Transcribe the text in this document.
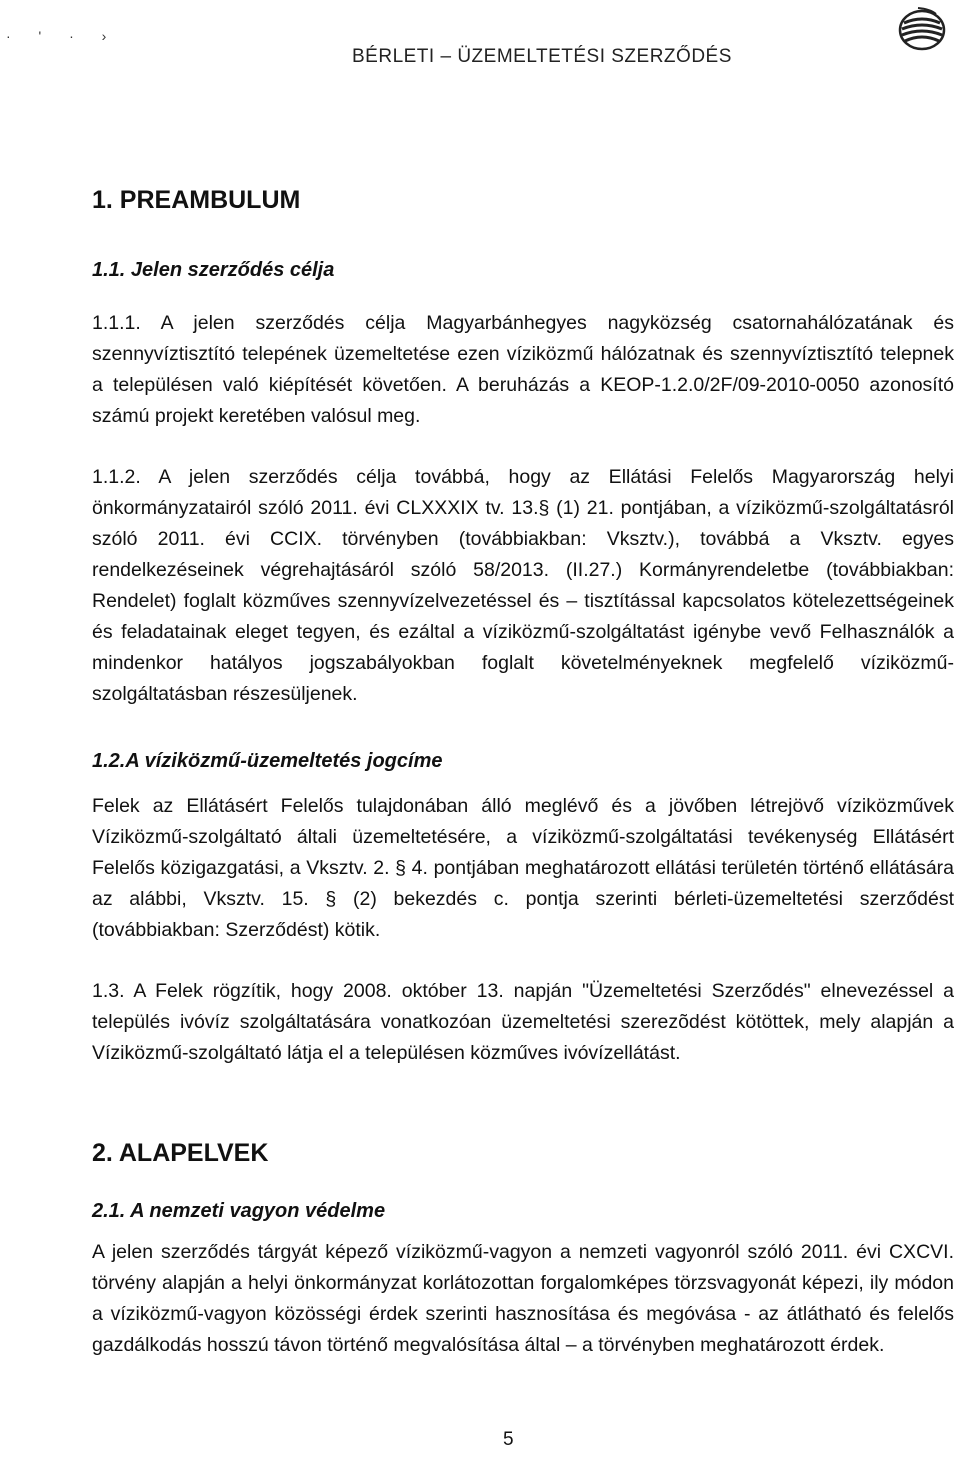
· ' · ›
BÉRLETI – ÜZEMELTETÉSI SZERZŐDÉS
1. PREAMBULUM
1.1. Jelen szerződés célja

1.1.1. A jelen szerződés célja Magyarbánhegyes nagyközség csatornahálózatának és szennyvíztisztító telepének üzemeltetése ezen víziközmű hálózatnak és szennyvíztisztító telepnek a településen való kiépítését követően. A beruházás a KEOP-1.2.0/2F/09-2010-0050 azonosító számú projekt keretében valósul meg.

1.1.2. A jelen szerződés célja továbbá, hogy az Ellátási Felelős Magyarország helyi önkormányzatairól szóló 2011. évi CLXXXIX tv. 13.§ (1) 21. pontjában, a víziközmű-szolgáltatásról szóló 2011. évi CCIX. törvényben (továbbiakban: Vksztv.), továbbá a Vksztv. egyes rendelkezéseinek végrehajtásáról szóló 58/2013. (II.27.) Kormányrendeletbe (továbbiakban: Rendelet) foglalt közműves szennyvízelvezetéssel és – tisztítással kapcsolatos kötelezettségeinek és feladatainak eleget tegyen, és ezáltal a víziközmű-szolgáltatást igénybe vevő Felhasználók a mindenkor hatályos jogszabályokban foglalt követelményeknek megfelelő víziközmű-szolgáltatásban részesüljenek.

1.2.A víziközmű-üzemeltetés jogcíme

Felek az Ellátásért Felelős tulajdonában álló meglévő és a jövőben létrejövő víziközművek Víziközmű-szolgáltató általi üzemeltetésére, a víziközmű-szolgáltatási tevékenység Ellátásért Felelős közigazgatási, a Vksztv. 2. § 4. pontjában meghatározott ellátási területén történő ellátására az alábbi, Vksztv. 15. § (2) bekezdés c. pontja szerinti bérleti-üzemeltetési szerződést (továbbiakban: Szerződést) kötik.

1.3. A Felek rögzítik, hogy 2008. október 13. napján "Üzemeltetési Szerződés" elnevezéssel a település ivóvíz szolgáltatására vonatkozóan üzemeltetési szerezõdést kötöttek, mely alapján a Víziközmű-szolgáltató látja el a településen közműves ivóvízellátást.

2. ALAPELVEK
2.1. A nemzeti vagyon védelme

A jelen szerződés tárgyát képező víziközmű-vagyon a nemzeti vagyonról szóló 2011. évi CXCVI. törvény alapján a helyi önkormányzat korlátozottan forgalomképes törzsvagyonát képezi, ily módon a víziközmű-vagyon közösségi érdek szerinti hasznosítása és megóvása - az átlátható és felelős gazdálkodás hosszú távon történő megvalósítása által – a törvényben meghatározott érdek.

5
